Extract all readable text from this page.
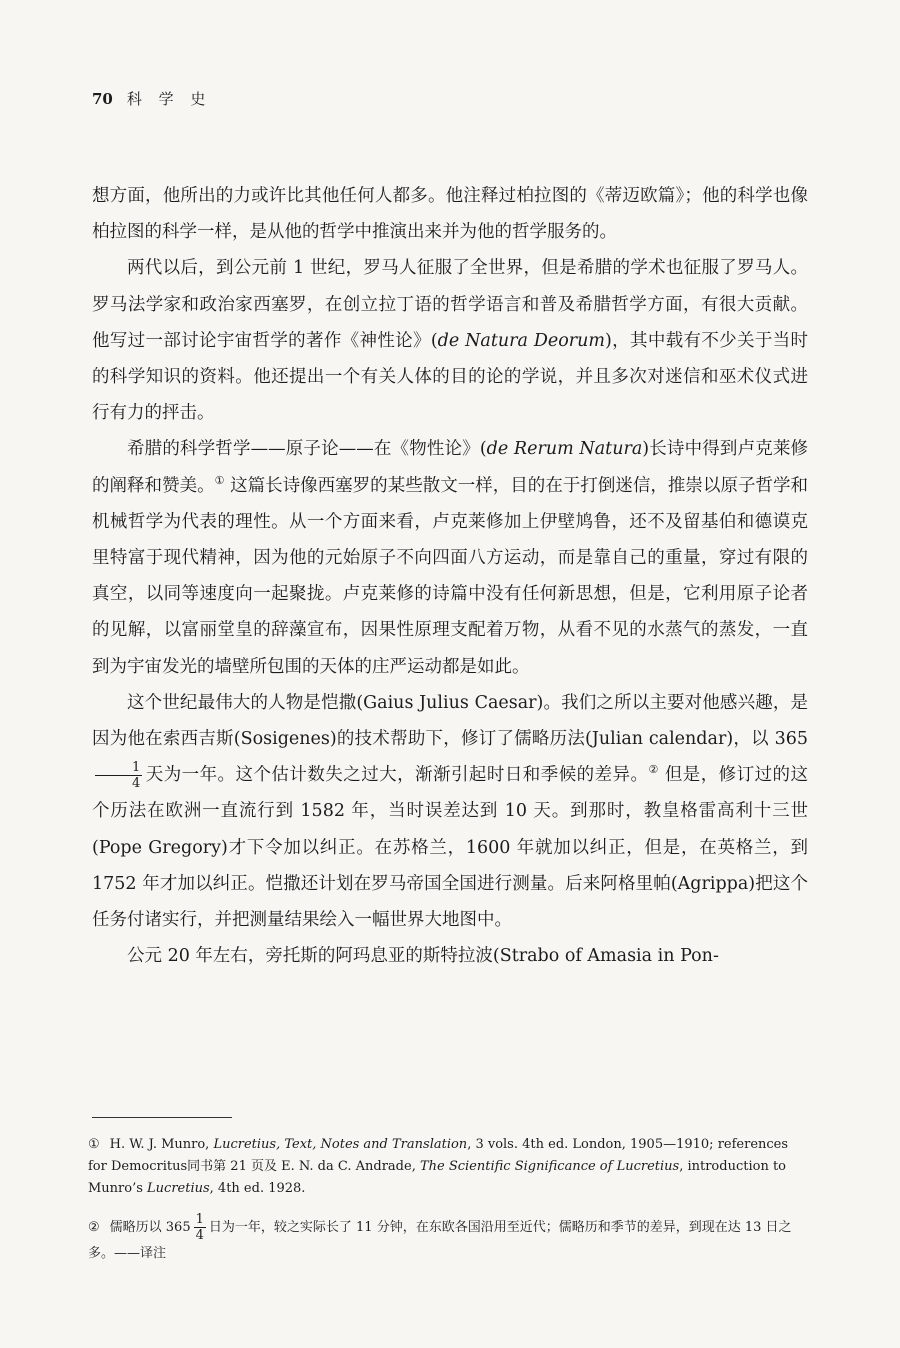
70 科 学 史

想方面，他所出的力或许比其他任何人都多。他注释过柏拉图的《蒂迈欧篇》；他的科学也像柏拉图的科学一样，是从他的哲学中推演出来并为他的哲学服务的。

两代以后，到公元前 1 世纪，罗马人征服了全世界，但是希腊的学术也征服了罗马人。罗马法学家和政治家西塞罗，在创立拉丁语的哲学语言和普及希腊哲学方面，有很大贡献。他写过一部讨论宇宙哲学的著作《神性论》(de Natura Deorum)，其中载有不少关于当时的科学知识的资料。他还提出一个有关人体的目的论的学说，并且多次对迷信和巫术仪式进行有力的抨击。

希腊的科学哲学——原子论——在《物性论》(de Rerum Natura)长诗中得到卢克莱修的阐释和赞美。① 这篇长诗像西塞罗的某些散文一样，目的在于打倒迷信，推崇以原子哲学和机械哲学为代表的理性。从一个方面来看，卢克莱修加上伊壁鸠鲁，还不及留基伯和德谟克里特富于现代精神，因为他的元始原子不向四面八方运动，而是靠自己的重量，穿过有限的真空，以同等速度向一起聚拢。卢克莱修的诗篇中没有任何新思想，但是，它利用原子论者的见解，以富丽堂皇的辞藻宣布，因果性原理支配着万物，从看不见的水蒸气的蒸发，一直到为宇宙发光的墙壁所包围的天体的庄严运动都是如此。

这个世纪最伟大的人物是恺撒(Gaius Julius Caesar)。我们之所以主要对他感兴趣，是因为他在索西吉斯(Sosigenes)的技术帮助下，修订了儒略历法(Julian calendar)，以 365
$\frac{1}{4}$ 天为一年。这个估计数失之过大，渐渐引起时日和季候的差异。② 但是，修订过的这个历法在欧洲一直流行到 1582 年，当时误差达到 10 天。到那时，教皇格雷高利十三世(Pope Gregory)才下令加以纠正。在苏格兰，1600 年就加以纠正，但是，在英格兰，到 1752 年才加以纠正。恺撒还计划在罗马帝国全国进行测量。后来阿格里帕(Agrippa)把这个任务付诸实行，并把测量结果绘入一幅世界大地图中。

公元 20 年左右，旁托斯的阿玛息亚的斯特拉波(Strabo of Amasia in Pon-

① H. W. J. Munro, Lucretius, Text, Notes and Translation, 3 vols. 4th ed. London, 1905—1910; references for Democritus同书第 21 页及 E. N. da C. Andrade, The Scientific Significance of Lucretius, introduction to Munro’s Lucretius, 4th ed. 1928.

② 儒略历以 $365 \frac{1}{4}$ 日为一年，较之实际长了 11 分钟，在东欧各国沿用至近代；儒略历和季节的差异，到现在达 13 日之多。——译注
